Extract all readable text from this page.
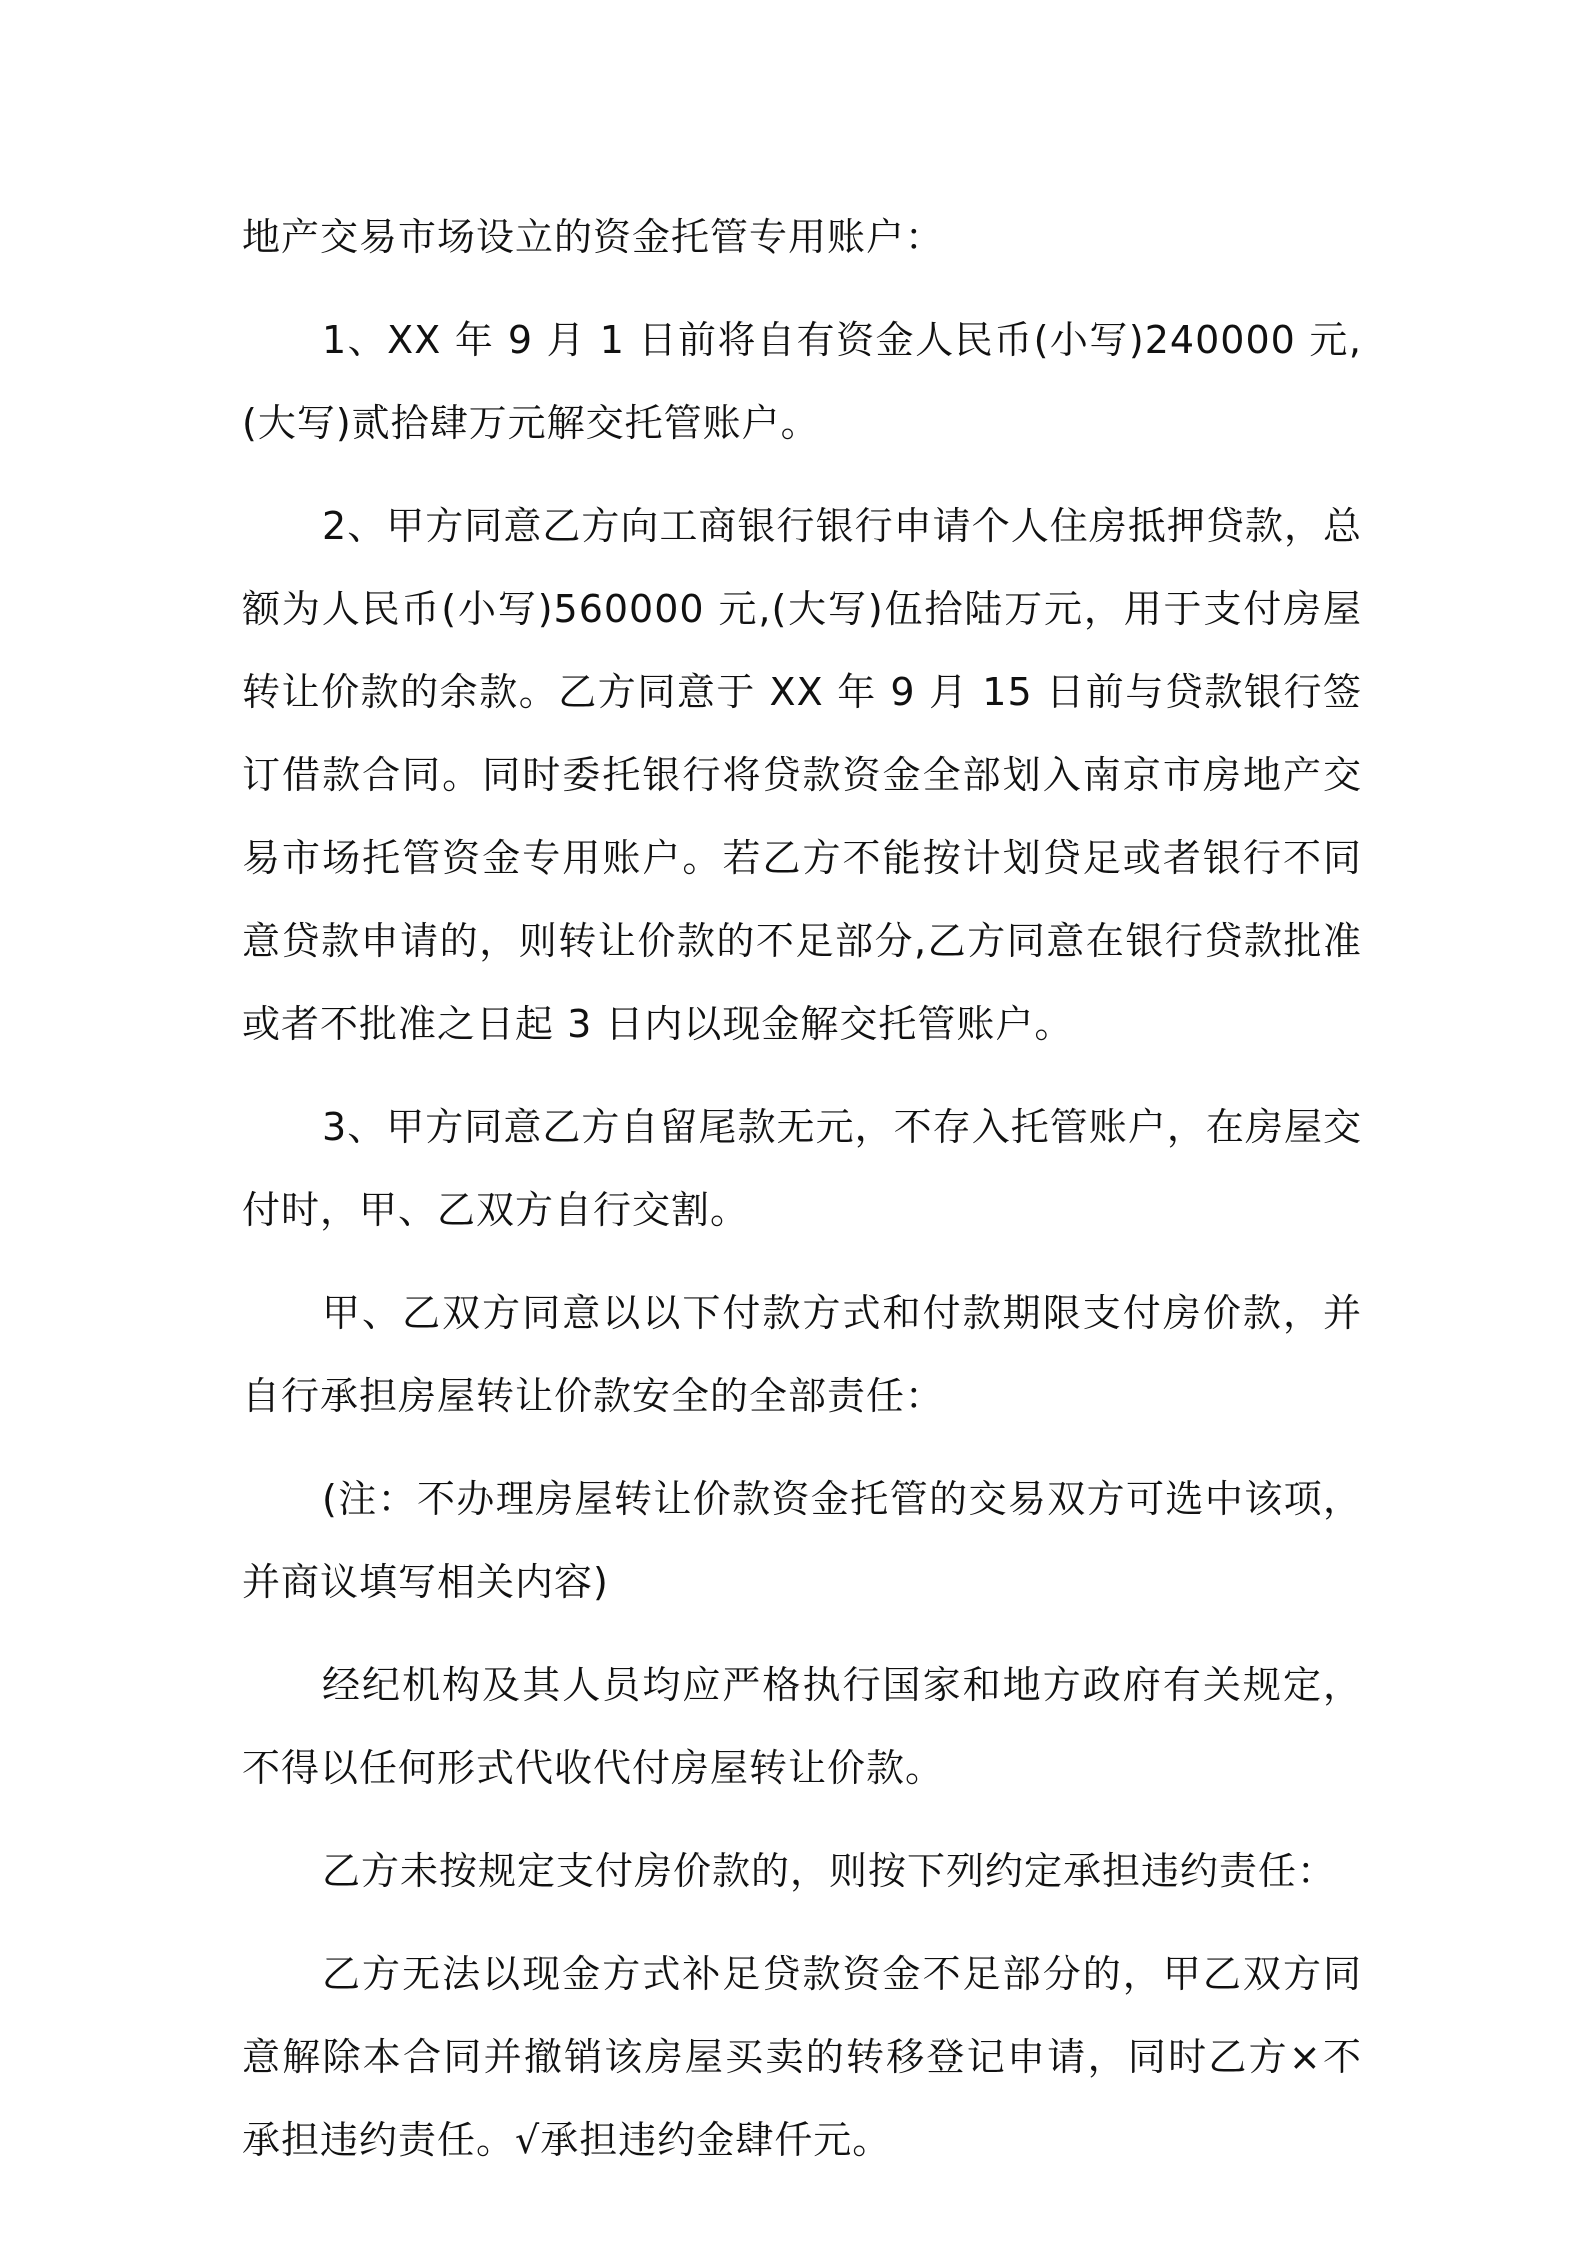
地产交易市场设立的资金托管专用账户：

1、XX 年 9 月 1 日前将自有资金人民币(小写)240000 元,(大写)贰拾肆万元解交托管账户。

2、甲方同意乙方向工商银行银行申请个人住房抵押贷款，总额为人民币(小写)560000 元,(大写)伍拾陆万元，用于支付房屋转让价款的余款。乙方同意于 XX 年 9 月 15 日前与贷款银行签订借款合同。同时委托银行将贷款资金全部划入南京市房地产交易市场托管资金专用账户。若乙方不能按计划贷足或者银行不同意贷款申请的，则转让价款的不足部分,乙方同意在银行贷款批准或者不批准之日起 3 日内以现金解交托管账户。

3、甲方同意乙方自留尾款无元，不存入托管账户，在房屋交付时，甲、乙双方自行交割。

甲、乙双方同意以以下付款方式和付款期限支付房价款，并自行承担房屋转让价款安全的全部责任：

(注：不办理房屋转让价款资金托管的交易双方可选中该项，并商议填写相关内容)

经纪机构及其人员均应严格执行国家和地方政府有关规定，不得以任何形式代收代付房屋转让价款。

乙方未按规定支付房价款的，则按下列约定承担违约责任：

乙方无法以现金方式补足贷款资金不足部分的，甲乙双方同意解除本合同并撤销该房屋买卖的转移登记申请，同时乙方×不承担违约责任。√承担违约金肆仟元。
